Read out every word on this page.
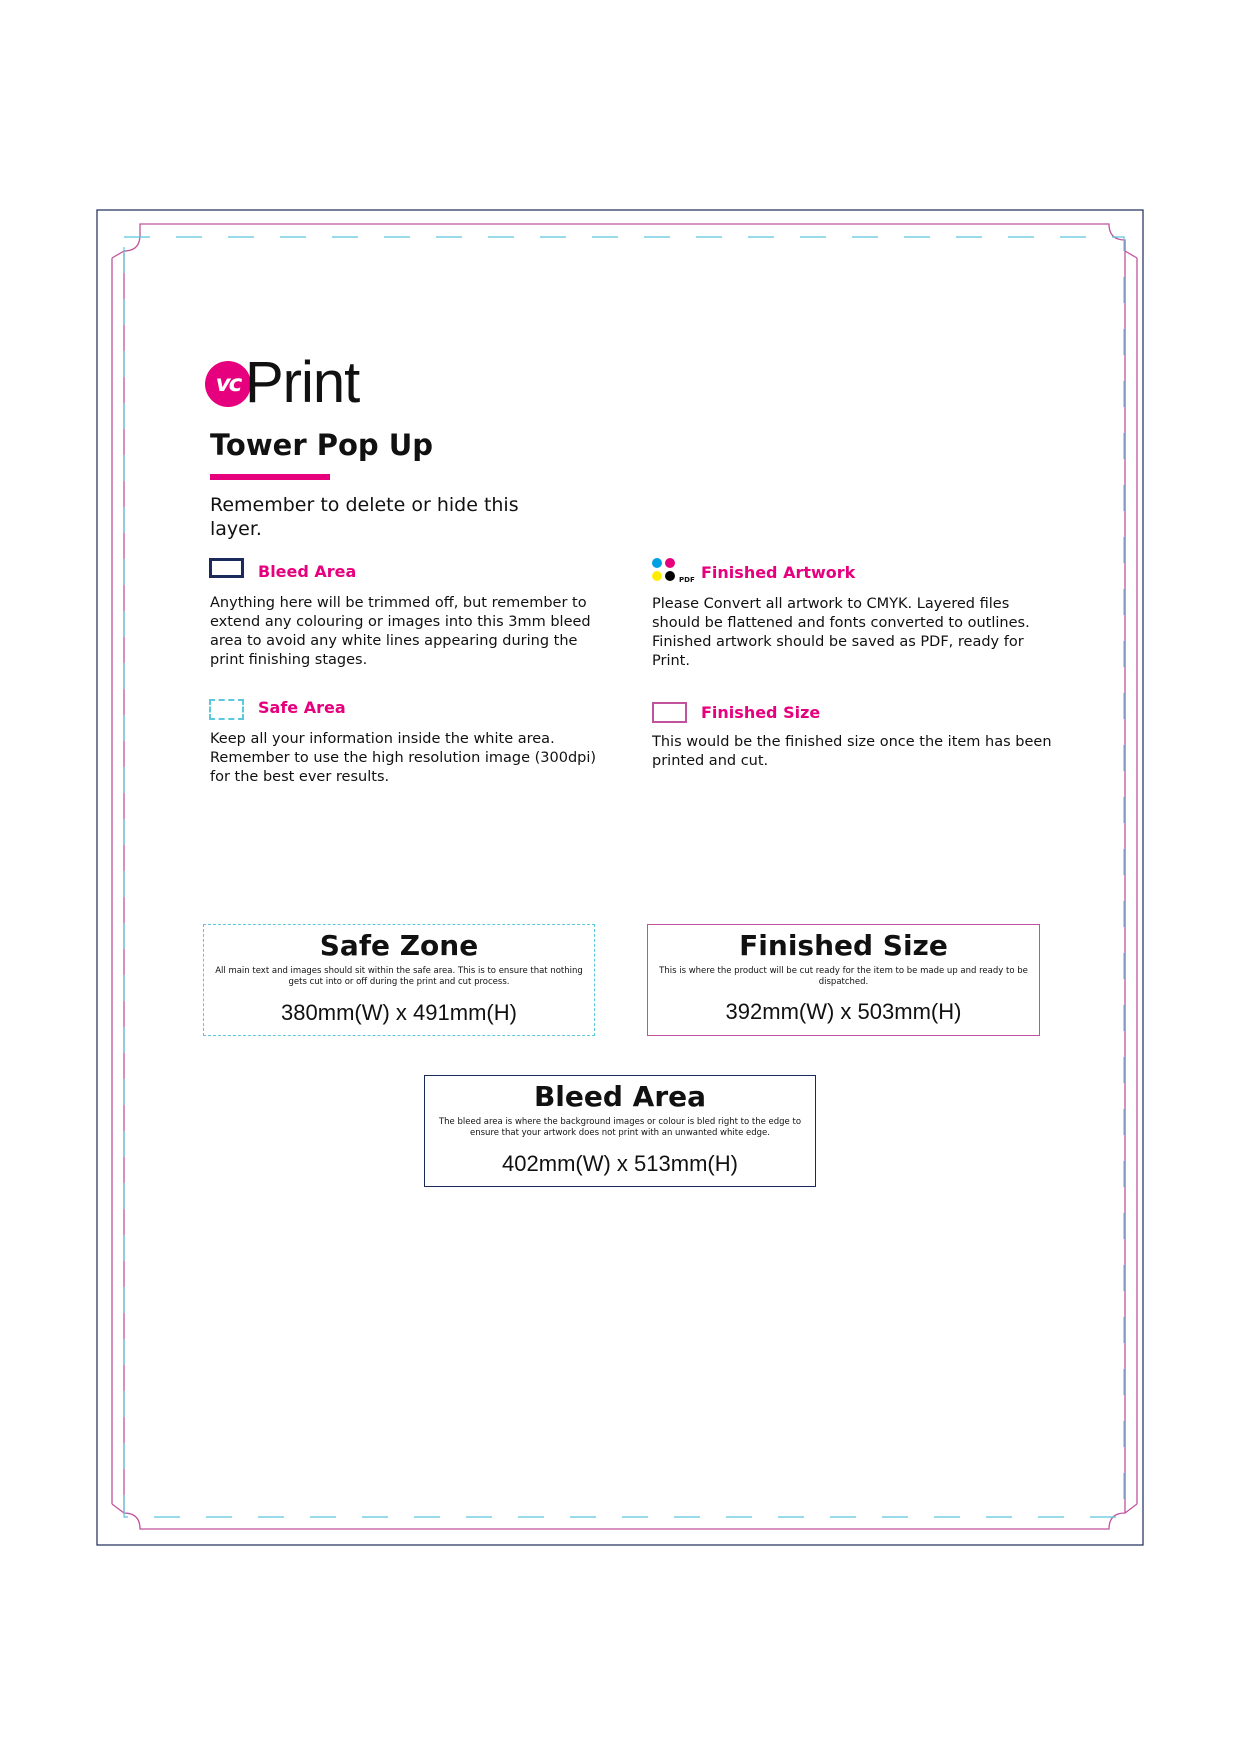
vc Print
Tower Pop Up
Remember to delete or hide this layer.
Bleed Area
Anything here will be trimmed off, but remember to extend any colouring or images into this 3mm bleed area to avoid any white lines appearing during the print finishing stages.
Safe Area
Keep all your information inside the white area. Remember to use the high resolution image (300dpi) for the best ever results.
PDF Finished Artwork
Please Convert all artwork to CMYK. Layered files should be flattened and fonts converted to outlines. Finished artwork should be saved as PDF, ready for Print.
Finished Size
This would be the finished size once the item has been printed and cut.
Safe Zone
All main text and images should sit within the safe area. This is to ensure that nothing gets cut into or off during the print and cut process.
380mm(W) x 491mm(H)
Finished Size
This is where the product will be cut ready for the item to be made up and ready to be dispatched.
392mm(W) x 503mm(H)
Bleed Area
The bleed area is where the background images or colour is bled right to the edge to ensure that your artwork does not print with an unwanted white edge.
402mm(W) x 513mm(H)
